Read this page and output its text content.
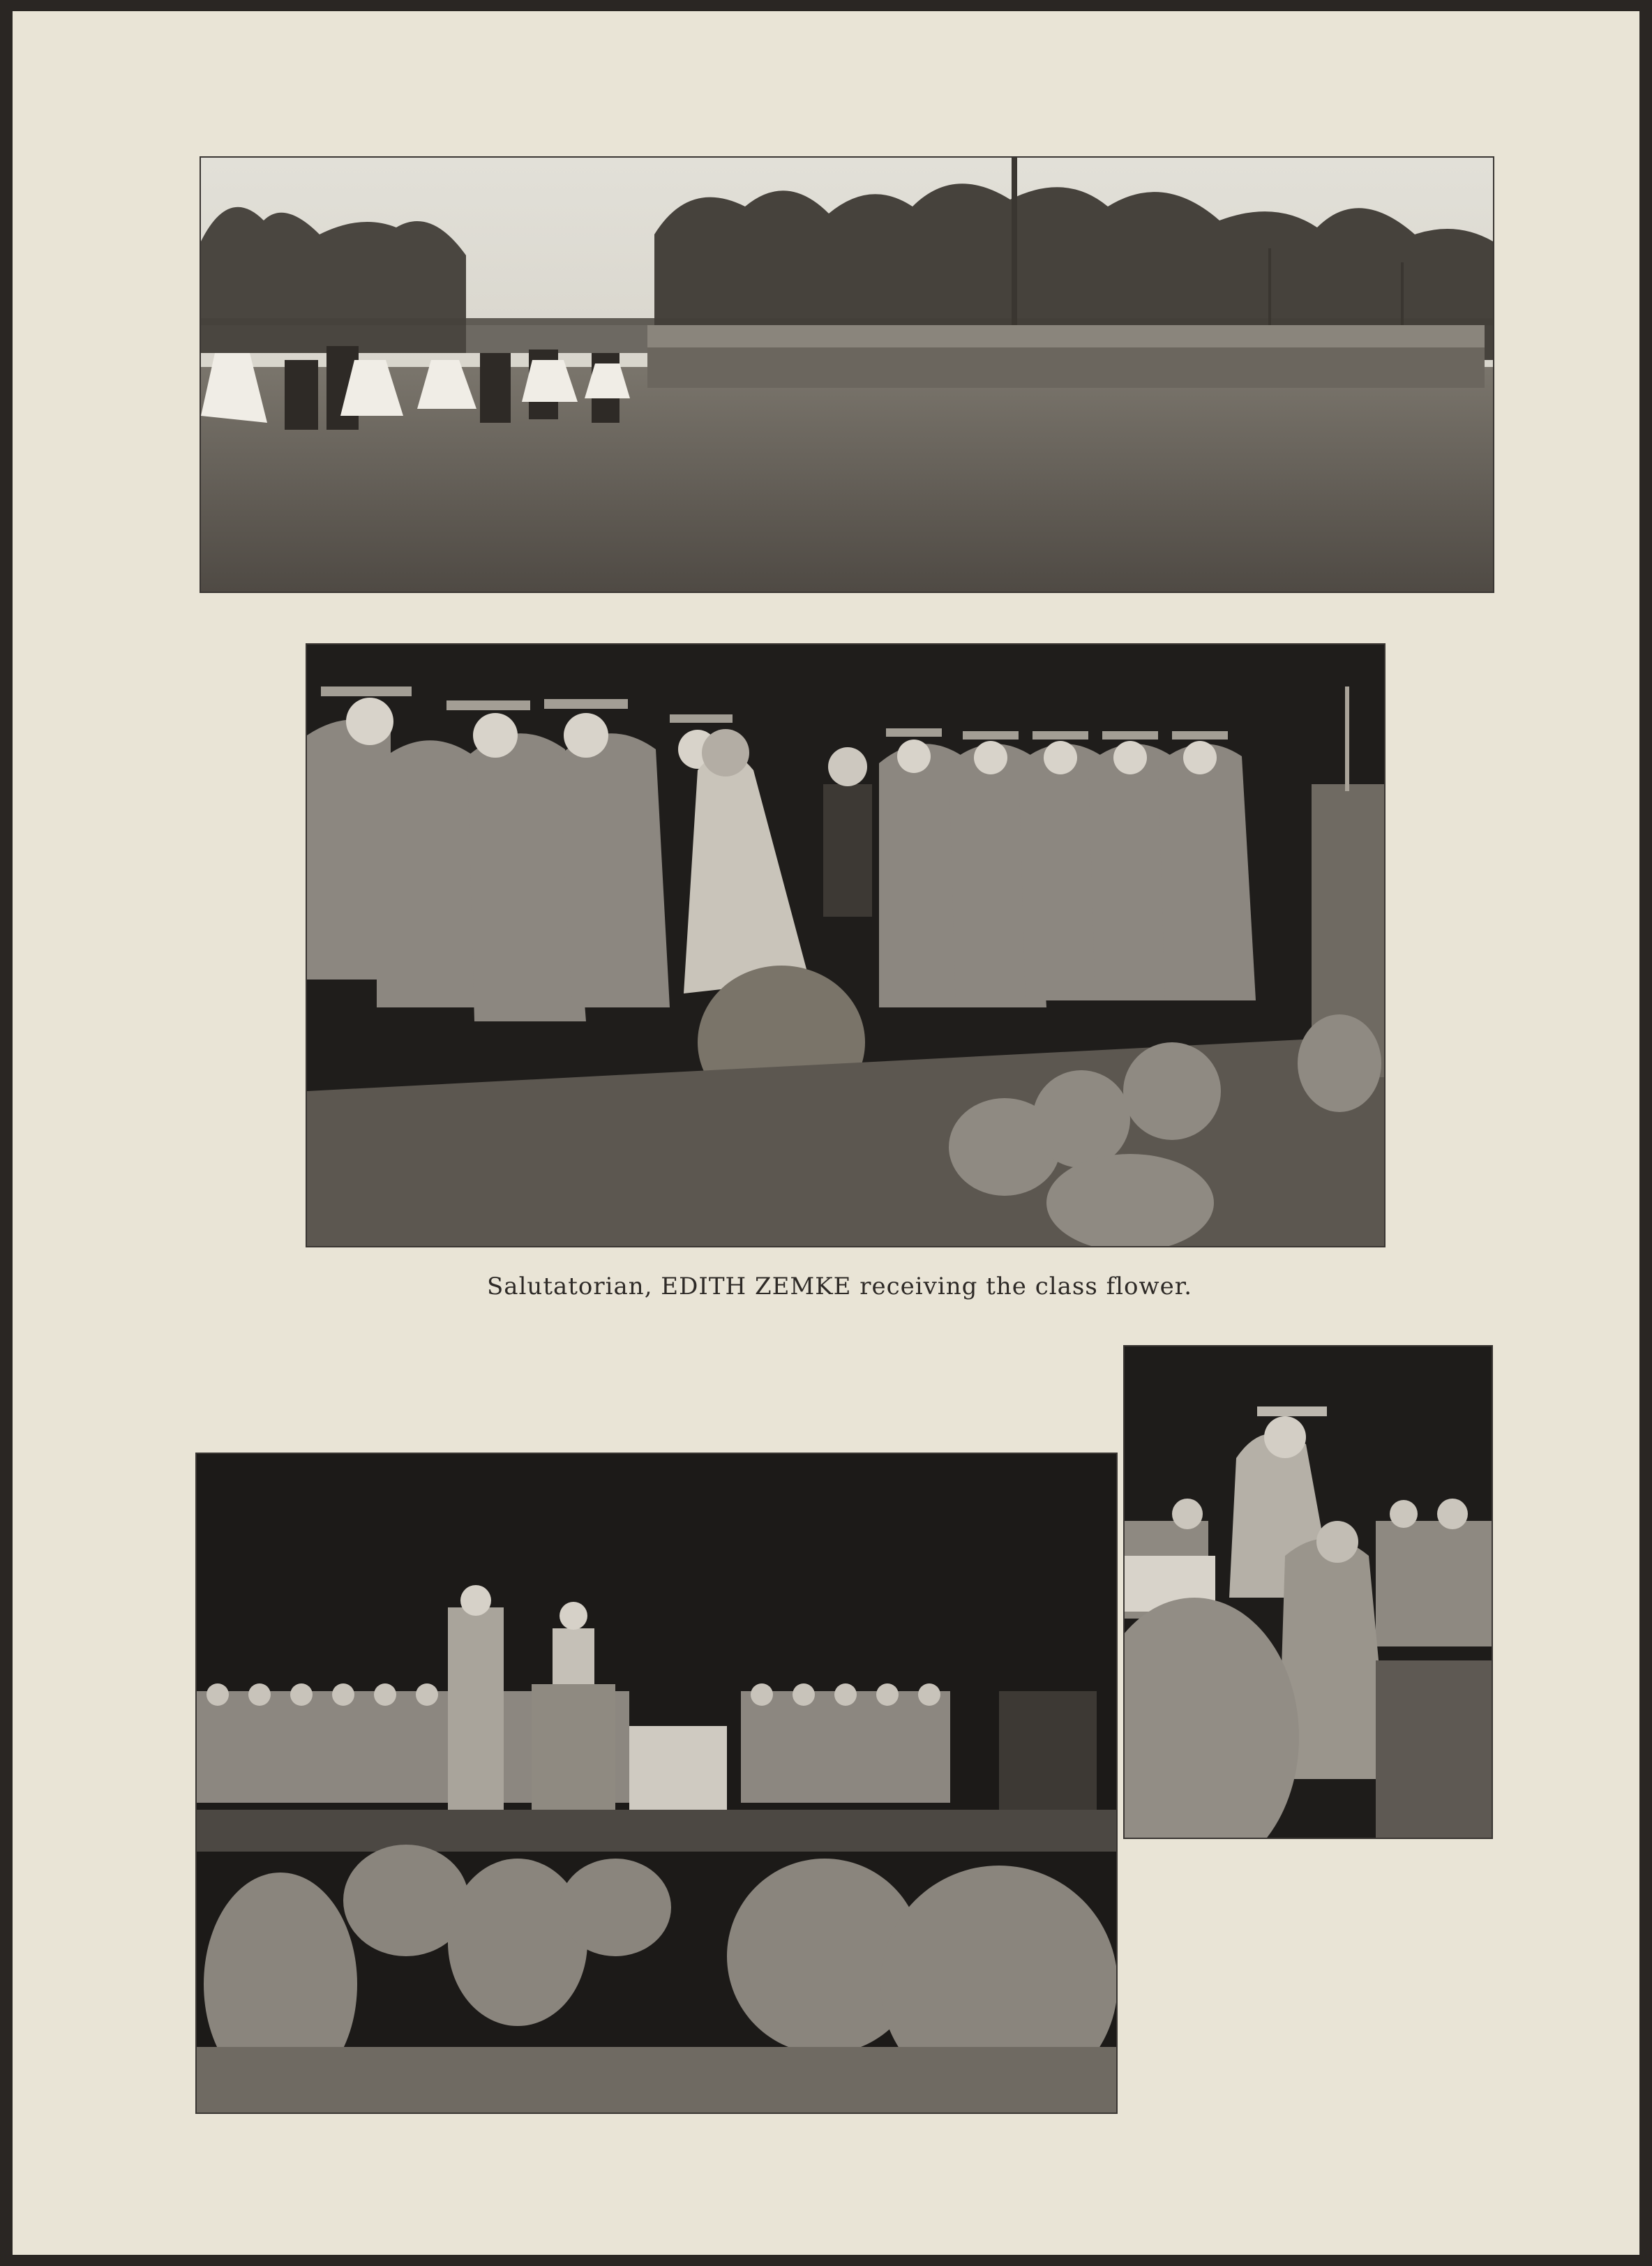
Salutatorian, EDITH ZEMKE receiving the class flower.
